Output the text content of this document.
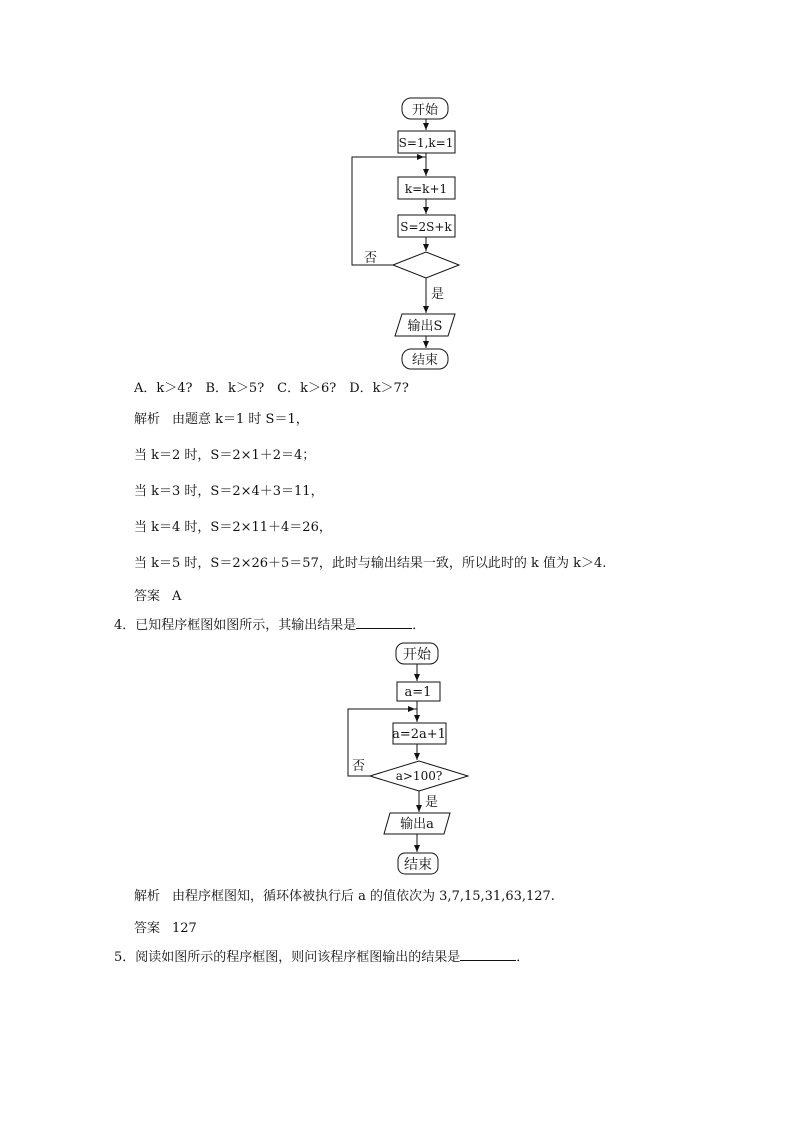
开始
S=1,k=1
k=k+1
S=2S+k
否
是
输出S
结束
A．k＞4?　B．k＞5?　C．k＞6?　D．k＞7?
解析 由题意 k＝1 时 S＝1，
当 k＝2 时，S＝2×1＋2＝4；
当 k＝3 时，S＝2×4＋3＝11，
当 k＝4 时，S＝2×11＋4＝26，
当 k＝5 时，S＝2×26＋5＝57，此时与输出结果一致，所以此时的 k 值为 k＞4.
答案 A
4．已知程序框图如图所示，其输出结果是	．
开始
a=1
a=2a+1
a>100?
否
是
输出a
结束
解析 由程序框图知，循环体被执行后 a 的值依次为 3,7,15,31,63,127.
答案 127
5．阅读如图所示的程序框图，则问该程序框图输出的结果是	．
